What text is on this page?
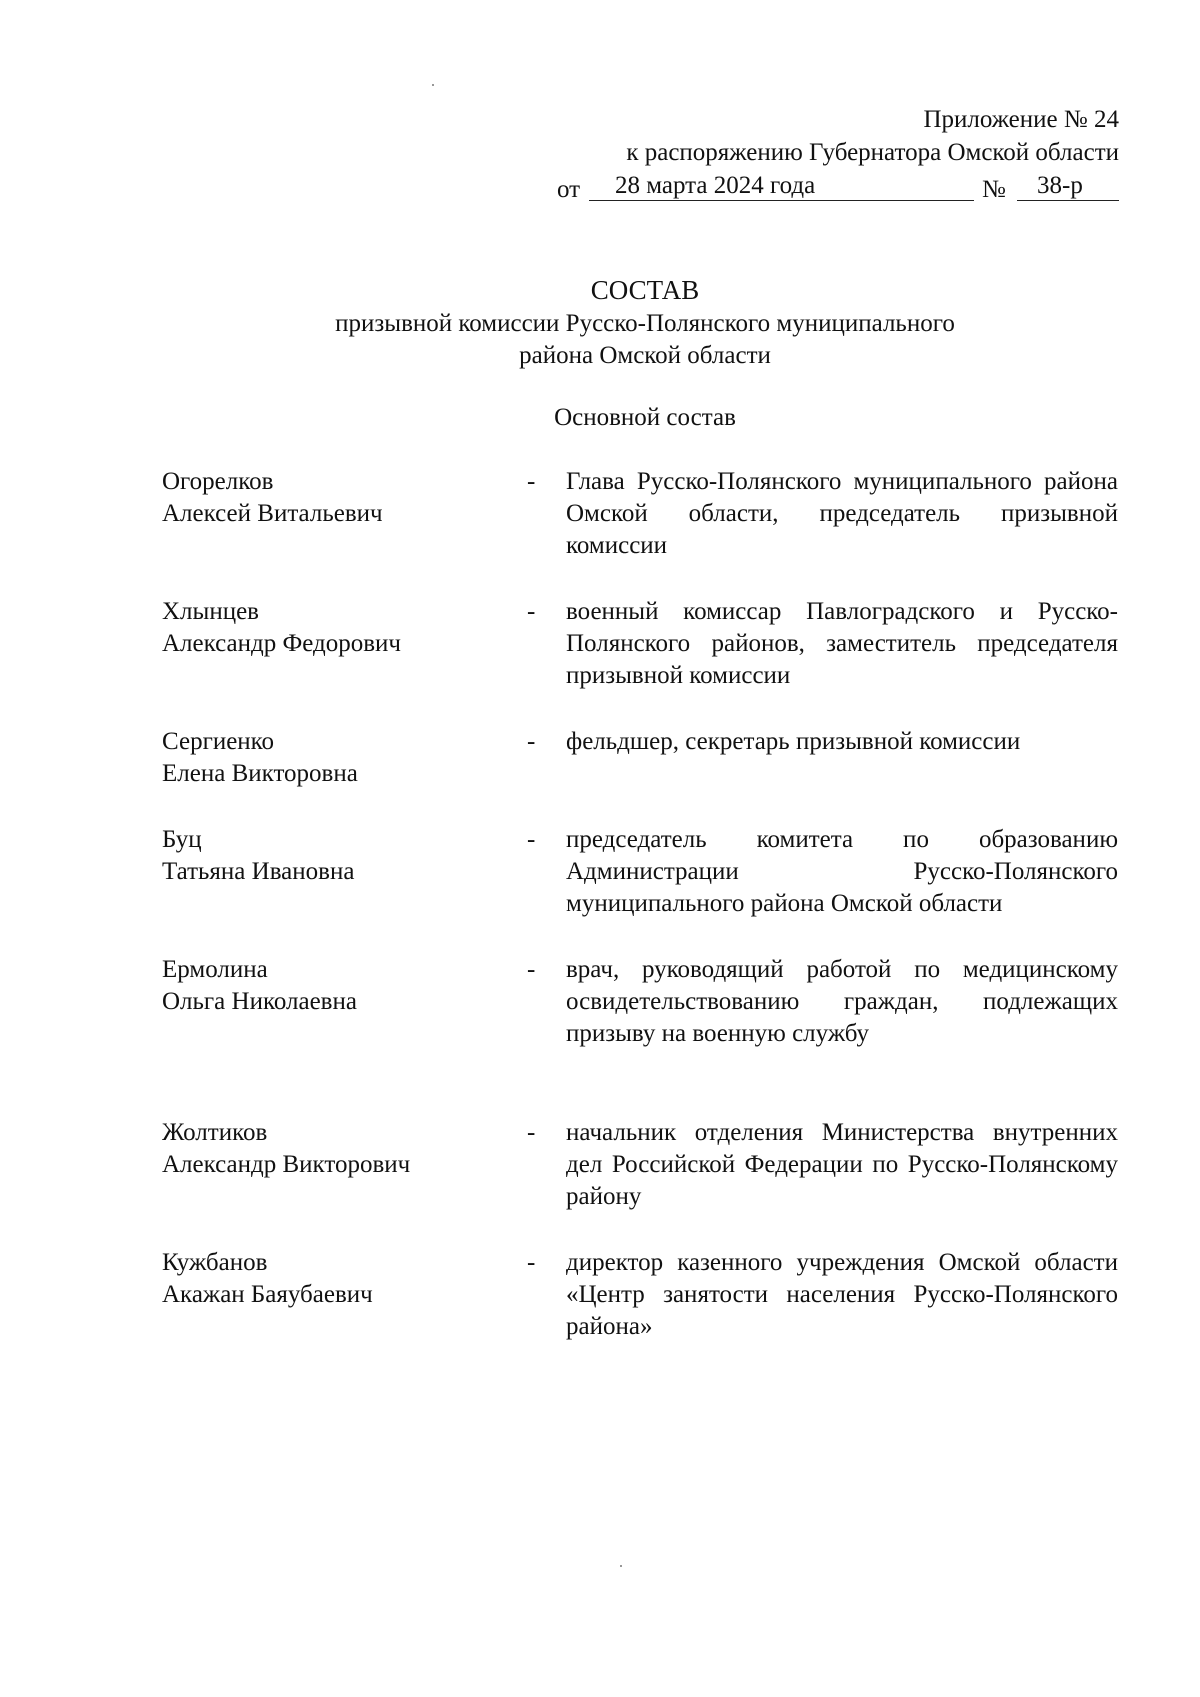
Приложение № 24
к распоряжению Губернатора Омской области
от 28 марта 2024 года	№ 38-р
СОСТАВ
призывной комиссии Русско-Полянского муниципального
района Омской области
Основной состав
Огорелков
Алексей Витальевич
- Глава Русско-Полянского муниципального района Омской области, председатель призывной комиссии
Хлынцев
Александр Федорович
- военный комиссар Павлоградского и Русско-Полянского районов, заместитель председателя призывной комиссии
Сергиенко
Елена Викторовна
- фельдшер, секретарь призывной комиссии
Буц
Татьяна Ивановна
- председатель комитета по образованию Администрации Русско-Полянского муниципального района Омской области
Ермолина
Ольга Николаевна
- врач, руководящий работой по медицинскому освидетельствованию граждан, подлежащих призыву на военную службу
Жолтиков
Александр Викторович
- начальник отделения Министерства внутренних дел Российской Федерации по Русско-Полянскому району
Кужбанов
Акажан Баяубаевич
- директор казенного учреждения Омской области «Центр занятости населения Русско-Полянского района»
